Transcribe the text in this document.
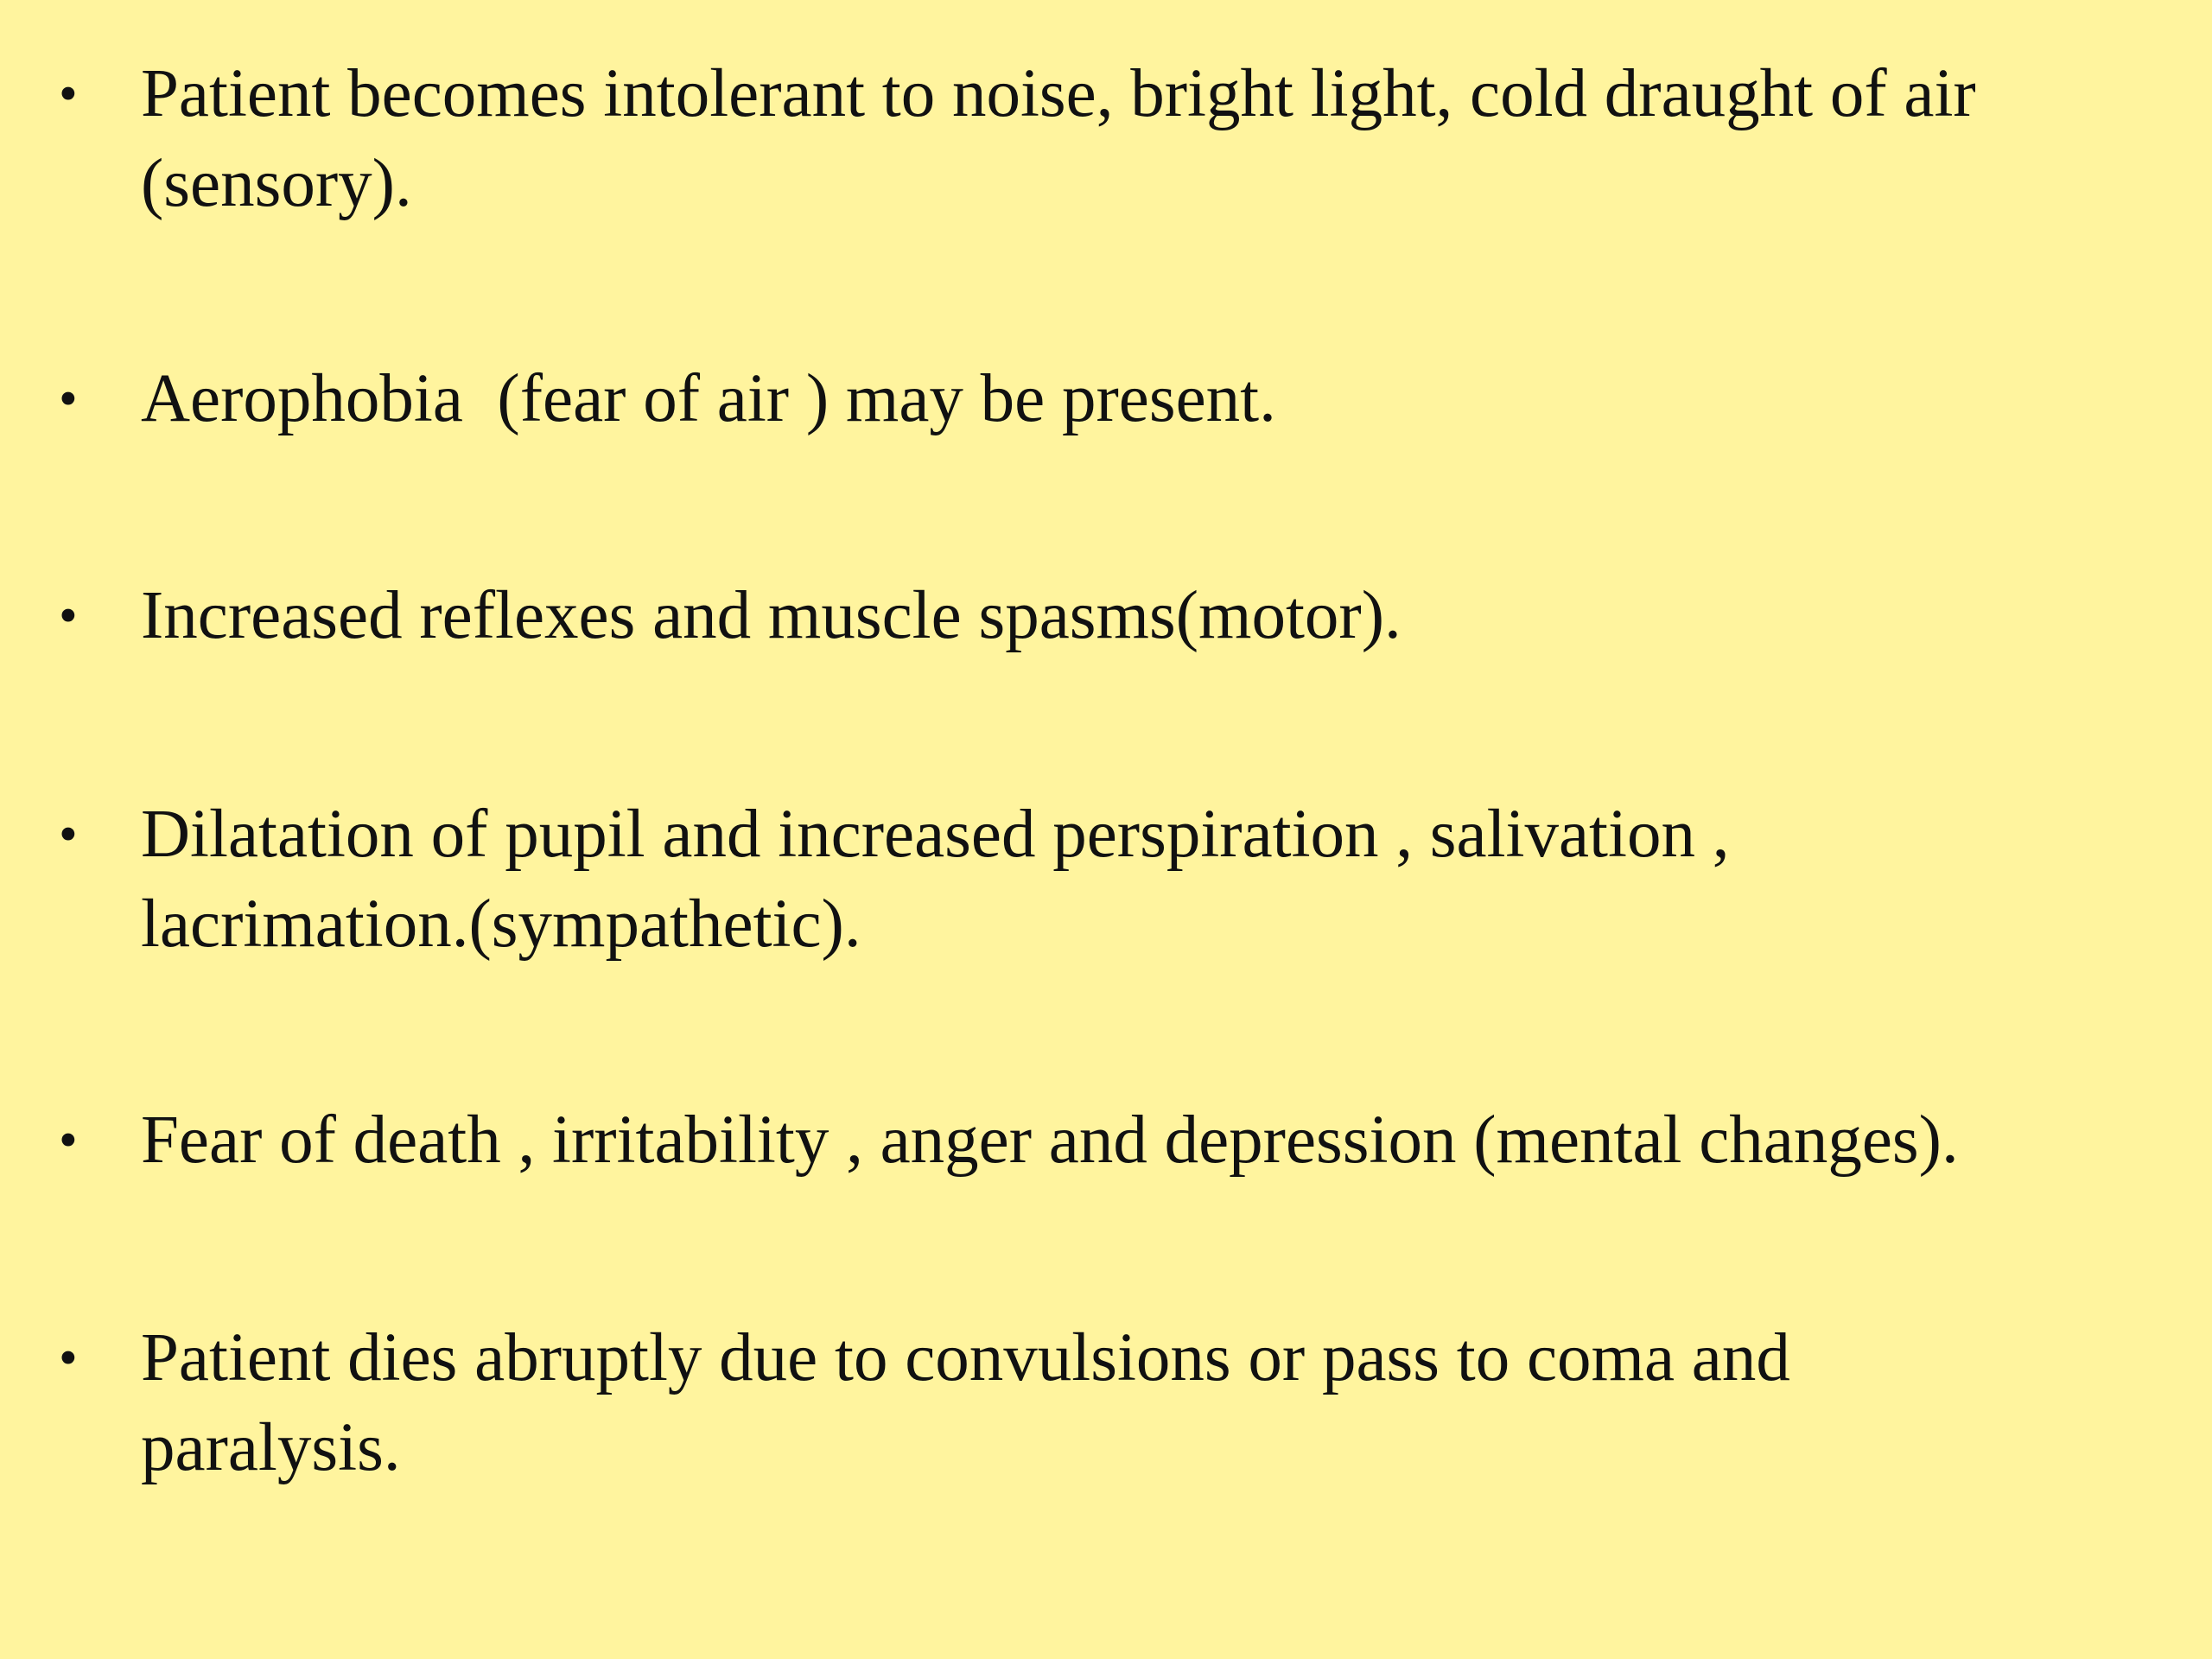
• Patient becomes intolerant to noise, bright light, cold draught of air
(sensory).
• Aerophobia  (fear of air ) may be present.
• Increased reflexes and muscle spasms(motor).
• Dilatation of pupil and increased perspiration , salivation ,
lacrimation.(sympathetic).
• Fear of death , irritability , anger and depression (mental changes).
• Patient dies abruptly due to convulsions or pass to coma and
paralysis.
